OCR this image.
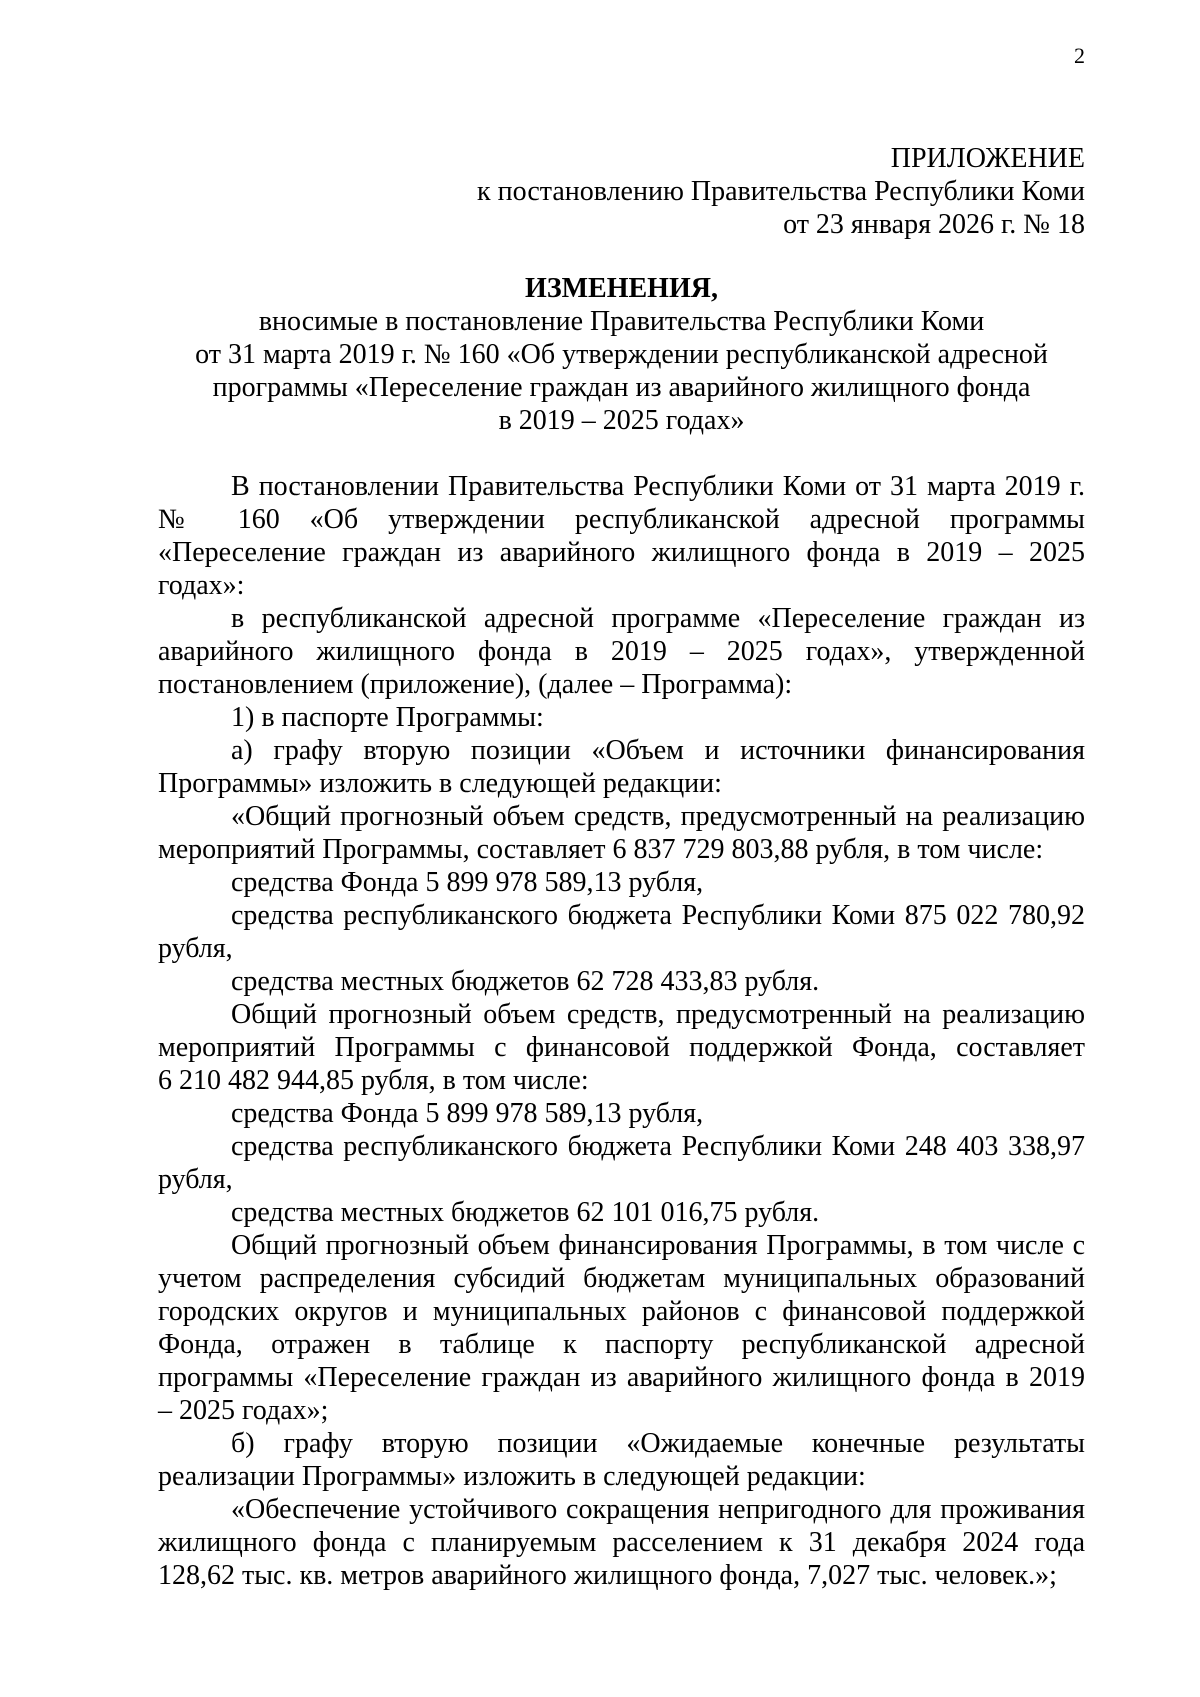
2
ПРИЛОЖЕНИЕ
к постановлению Правительства Республики Коми
от 23 января 2026 г. № 18
ИЗМЕНЕНИЯ,
вносимые в постановление Правительства Республики Коми
от 31 марта 2019 г. № 160 «Об утверждении республиканской адресной
программы «Переселение граждан из аварийного жилищного фонда
в 2019 – 2025 годах»

В постановлении Правительства Республики Коми от 31 марта 2019 г.
№ 160 «Об утверждении республиканской адресной программы
«Переселение граждан из аварийного жилищного фонда в 2019 – 2025
годах»:

в республиканской адресной программе «Переселение граждан из
аварийного жилищного фонда в 2019 – 2025 годах», утвержденной
постановлением (приложение), (далее – Программа):

1) в паспорте Программы:

а) графу вторую позиции «Объем и источники финансирования
Программы» изложить в следующей редакции:

«Общий прогнозный объем средств, предусмотренный на реализацию
мероприятий Программы, составляет 6 837 729 803,88 рубля, в том числе:

средства Фонда 5 899 978 589,13 рубля,

средства республиканского бюджета Республики Коми 875 022 780,92
рубля,

средства местных бюджетов 62 728 433,83 рубля.

Общий прогнозный объем средств, предусмотренный на реализацию
мероприятий Программы с финансовой поддержкой Фонда, составляет
6 210 482 944,85 рубля, в том числе:

средства Фонда 5 899 978 589,13 рубля,

средства республиканского бюджета Республики Коми 248 403 338,97
рубля,

средства местных бюджетов 62 101 016,75 рубля.

Общий прогнозный объем финансирования Программы, в том числе с
учетом распределения субсидий бюджетам муниципальных образований
городских округов и муниципальных районов с финансовой поддержкой
Фонда, отражен в таблице к паспорту республиканской адресной
программы «Переселение граждан из аварийного жилищного фонда в 2019
– 2025 годах»;

б) графу вторую позиции «Ожидаемые конечные результаты
реализации Программы» изложить в следующей редакции:

«Обеспечение устойчивого сокращения непригодного для проживания
жилищного фонда с планируемым расселением к 31 декабря 2024 года
128,62 тыс. кв. метров аварийного жилищного фонда, 7,027 тыс. человек.»;
